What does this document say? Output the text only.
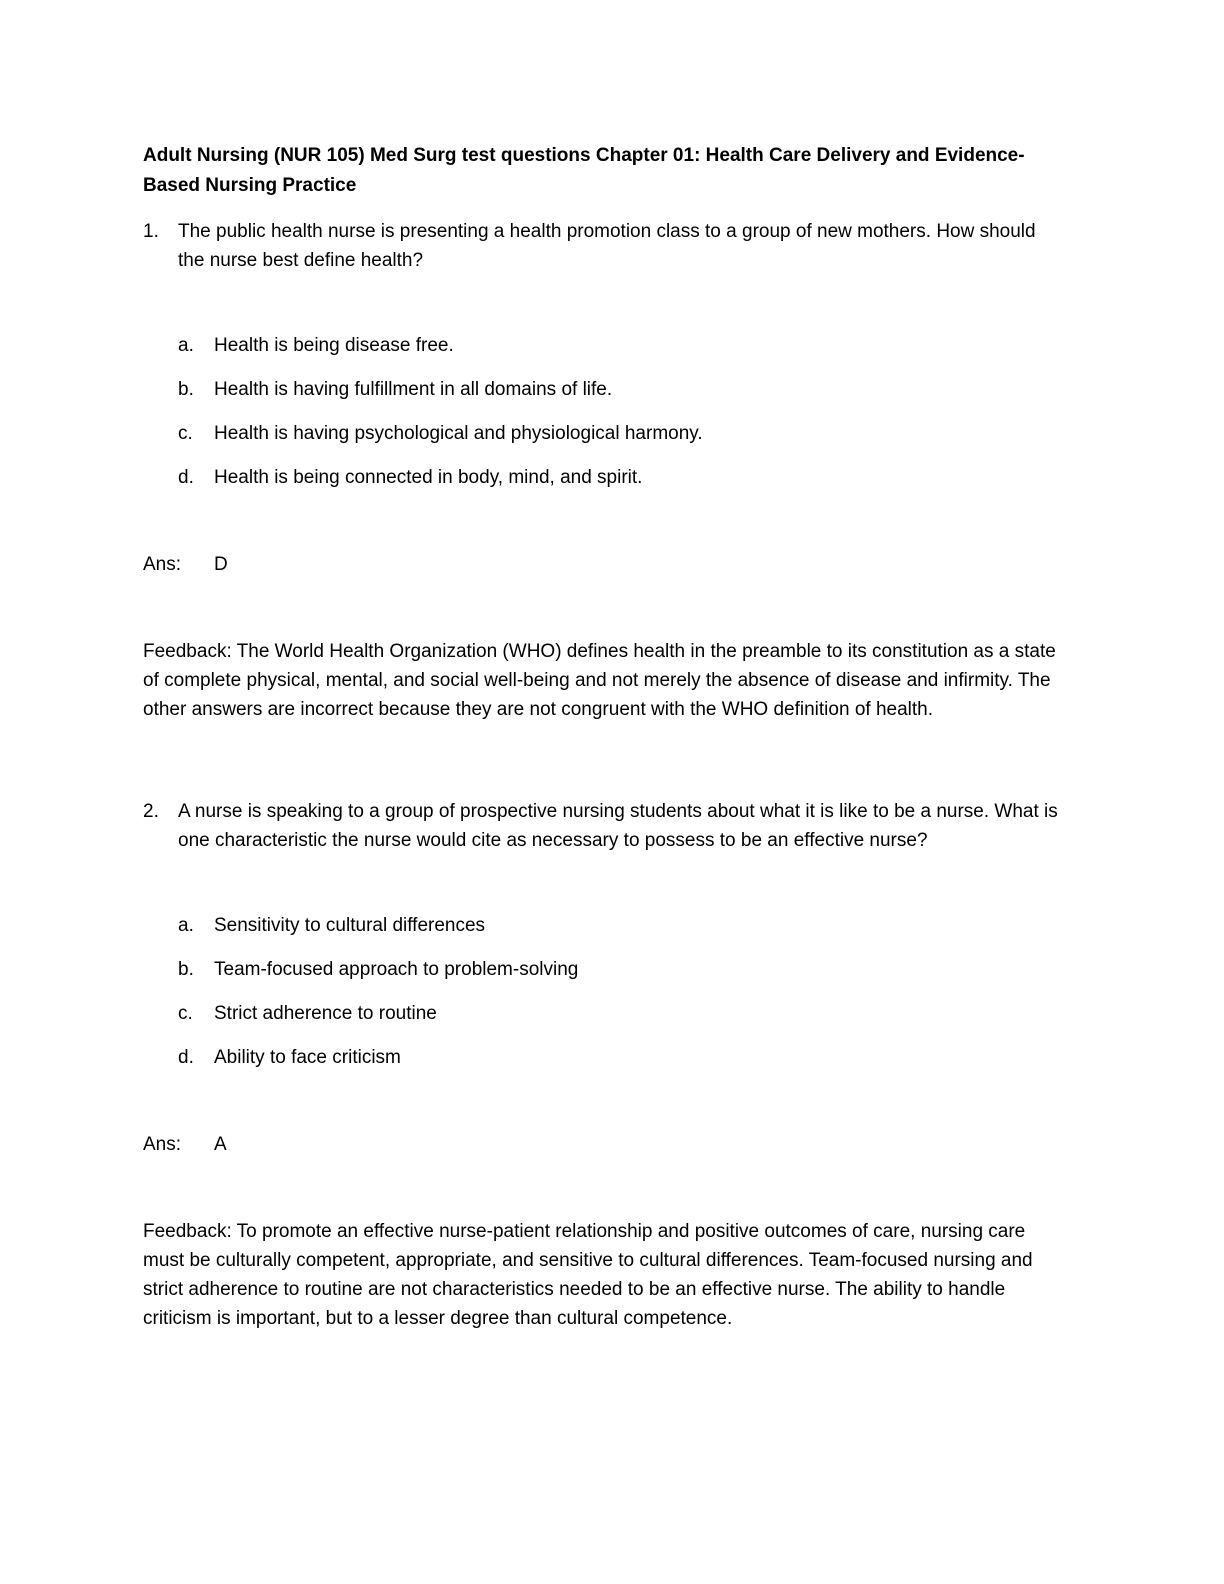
Adult Nursing (NUR 105) Med Surg test questions Chapter 01: Health Care Delivery and Evidence-Based Nursing Practice
1.	The public health nurse is presenting a health promotion class to a group of new mothers. How should the nurse best define health?
a.	Health is being disease free.
b.	Health is having fulfillment in all domains of life.
c.	Health is having psychological and physiological harmony.
d.	Health is being connected in body, mind, and spirit.
Ans:	D
Feedback: The World Health Organization (WHO) defines health in the preamble to its constitution as a state of complete physical, mental, and social well-being and not merely the absence of disease and infirmity. The other answers are incorrect because they are not congruent with the WHO definition of health.
2.	A nurse is speaking to a group of prospective nursing students about what it is like to be a nurse. What is one characteristic the nurse would cite as necessary to possess to be an effective nurse?
a.	Sensitivity to cultural differences
b.	Team-focused approach to problem-solving
c.	Strict adherence to routine
d.	Ability to face criticism
Ans:	A
Feedback: To promote an effective nurse-patient relationship and positive outcomes of care, nursing care must be culturally competent, appropriate, and sensitive to cultural differences. Team-focused nursing and strict adherence to routine are not characteristics needed to be an effective nurse. The ability to handle criticism is important, but to a lesser degree than cultural competence.
